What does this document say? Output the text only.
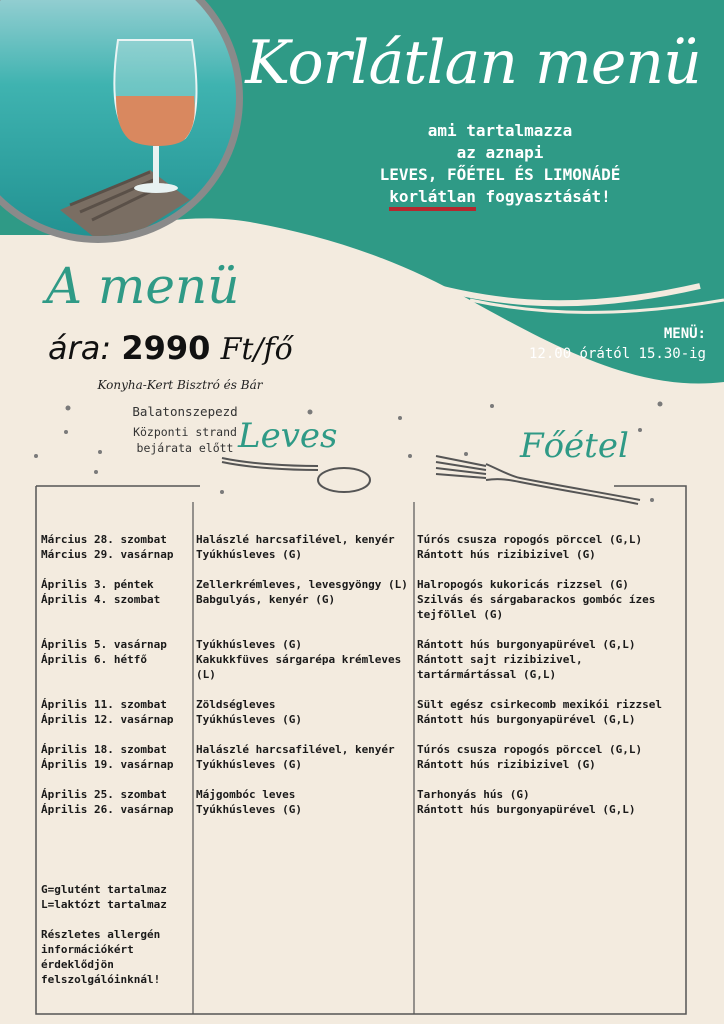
Korlátlan menü
ami tartalmazza
az aznapi
LEVES, FŐÉTEL ÉS LIMONÁDÉ
korlátlan fogyasztását!
A menü
ára: 2990 Ft/fő
Konyha-Kert Bisztró és Bár
Balatonszepezd
Központi strand
bejárata előtt
MENÜ:
12.00 órától 15.30-ig
Leves	Főétel
Március 28. szombat
Március 29. vasárnap
Április 3. péntek
Április 4. szombat

Április 5. vasárnap
Április 6. hétfő

Április 11. szombat
Április 12. vasárnap
Április 18. szombat
Április 19. vasárnap
Április 25. szombat
Április 26. vasárnap
Halászlé harcsafilével, kenyér
Tyúkhúsleves (G)
Zellerkrémleves, levesgyöngy (L)
Babgulyás, kenyér (G)

Tyúkhúsleves (G)
Kakukkfüves sárgarépa krémleves
(L)
Zöldségleves
Tyúkhúsleves (G)
Halászlé harcsafilével, kenyér
Tyúkhúsleves (G)
Májgombóc leves
Tyúkhúsleves (G)
Túrós csusza ropogós pörccel (G,L)
Rántott hús rizibizivel (G)
Halropogós kukoricás rizzsel (G)
Szilvás és sárgabarackos gombóc ízes
tejföllel (G)
Rántott hús burgonyapürével (G,L)
Rántott sajt rizibizivel,
tartármártással (G,L)
Sült egész csirkecomb mexikói rizzsel
Rántott hús burgonyapürével (G,L)
Túrós csusza ropogós pörccel (G,L)
Rántott hús rizibizivel (G)
Tarhonyás hús (G)
Rántott hús burgonyapürével (G,L)
G=glutént tartalmaz
L=laktózt tartalmaz
Részletes allergén
információkért
érdeklődjön
felszolgálóinknál!
